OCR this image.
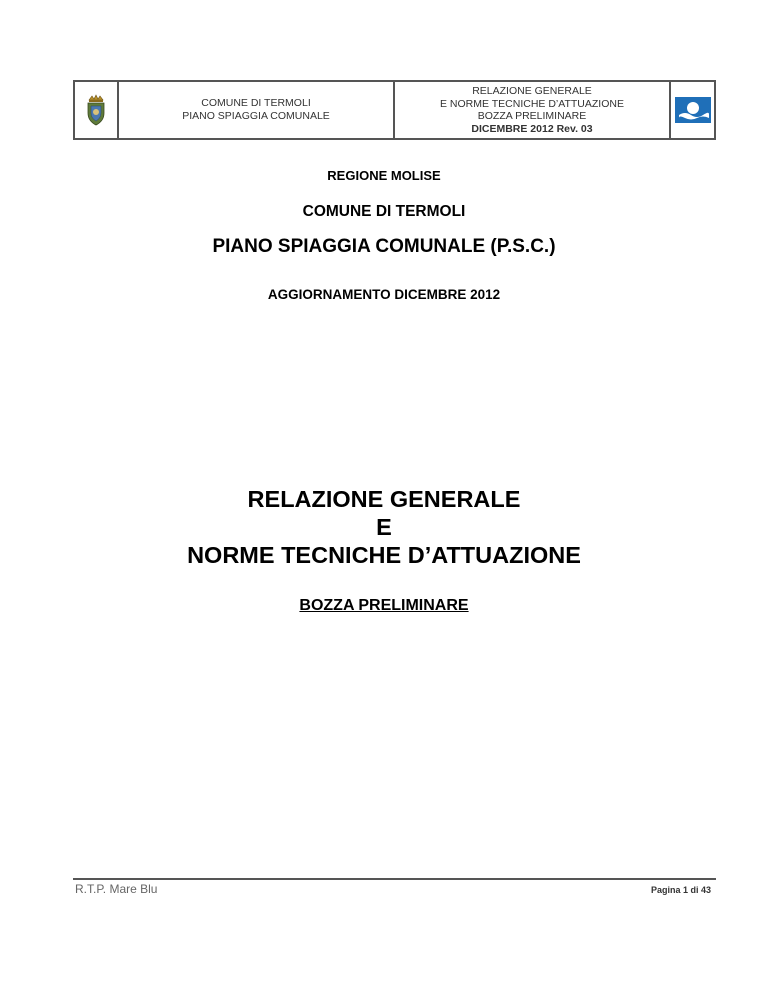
COMUNE DI TERMOLI
PIANO SPIAGGIA COMUNALE
RELAZIONE GENERALE
E NORME TECNICHE D’ATTUAZIONE
BOZZA PRELIMINARE
DICEMBRE 2012 Rev. 03
REGIONE MOLISE
COMUNE DI TERMOLI
PIANO SPIAGGIA COMUNALE (P.S.C.)
AGGIORNAMENTO DICEMBRE 2012
RELAZIONE GENERALE
E
NORME TECNICHE D’ATTUAZIONE
BOZZA PRELIMINARE
R.T.P. Mare Blu	Pagina 1 di 43
